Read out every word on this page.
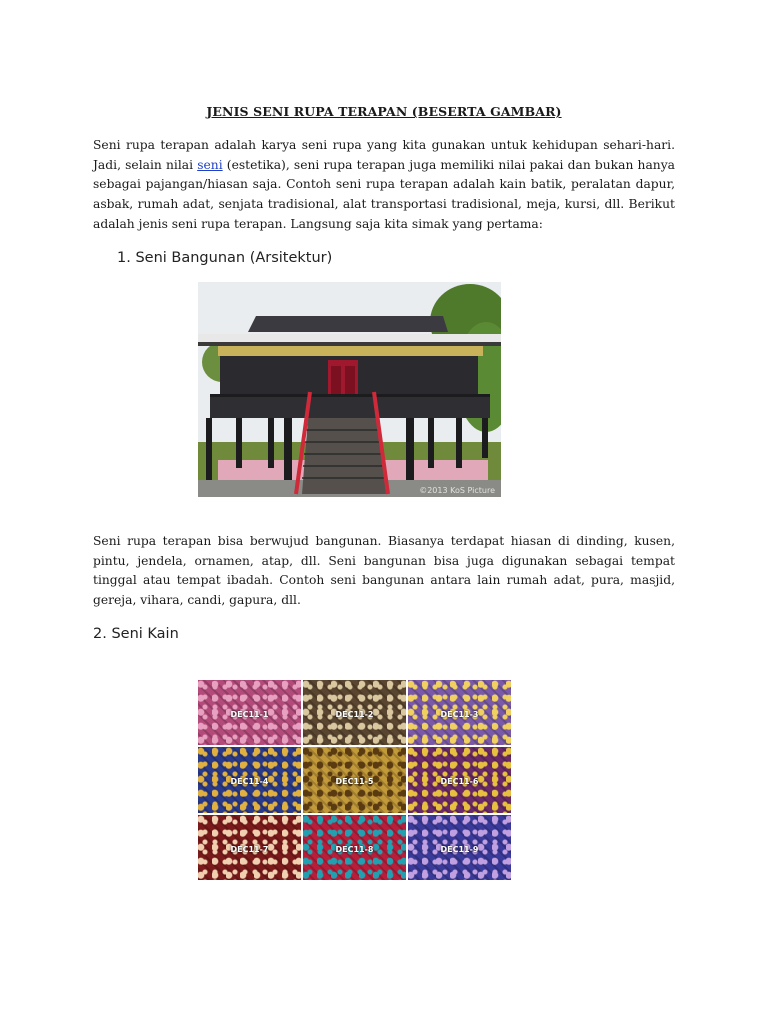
JENIS SENI RUPA TERAPAN (BESERTA GAMBAR)

Seni rupa terapan adalah karya seni rupa yang kita gunakan untuk kehidupan sehari-hari. Jadi, selain nilai seni (estetika), seni rupa terapan juga memiliki nilai pakai dan bukan hanya sebagai pajangan/hiasan saja. Contoh seni rupa terapan adalah kain batik, peralatan dapur, asbak, rumah adat, senjata tradisional, alat transportasi tradisional, meja, kursi, dll. Berikut adalah jenis seni rupa terapan. Langsung saja kita simak yang pertama:

1. Seni Bangunan (Arsitektur)
©2013 KoS Picture

Seni rupa terapan bisa berwujud bangunan. Biasanya terdapat hiasan di dinding, kusen, pintu, jendela, ornamen, atap, dll. Seni bangunan bisa juga digunakan sebagai tempat tinggal atau tempat ibadah. Contoh seni bangunan antara lain rumah adat, pura, masjid, gereja, vihara, candi, gapura, dll.

2. Seni Kain
DEC11-1	DEC11-2	DEC11-3
DEC11-4	DEC11-5	DEC11-6
DEC11-7	DEC11-8	DEC11-9
